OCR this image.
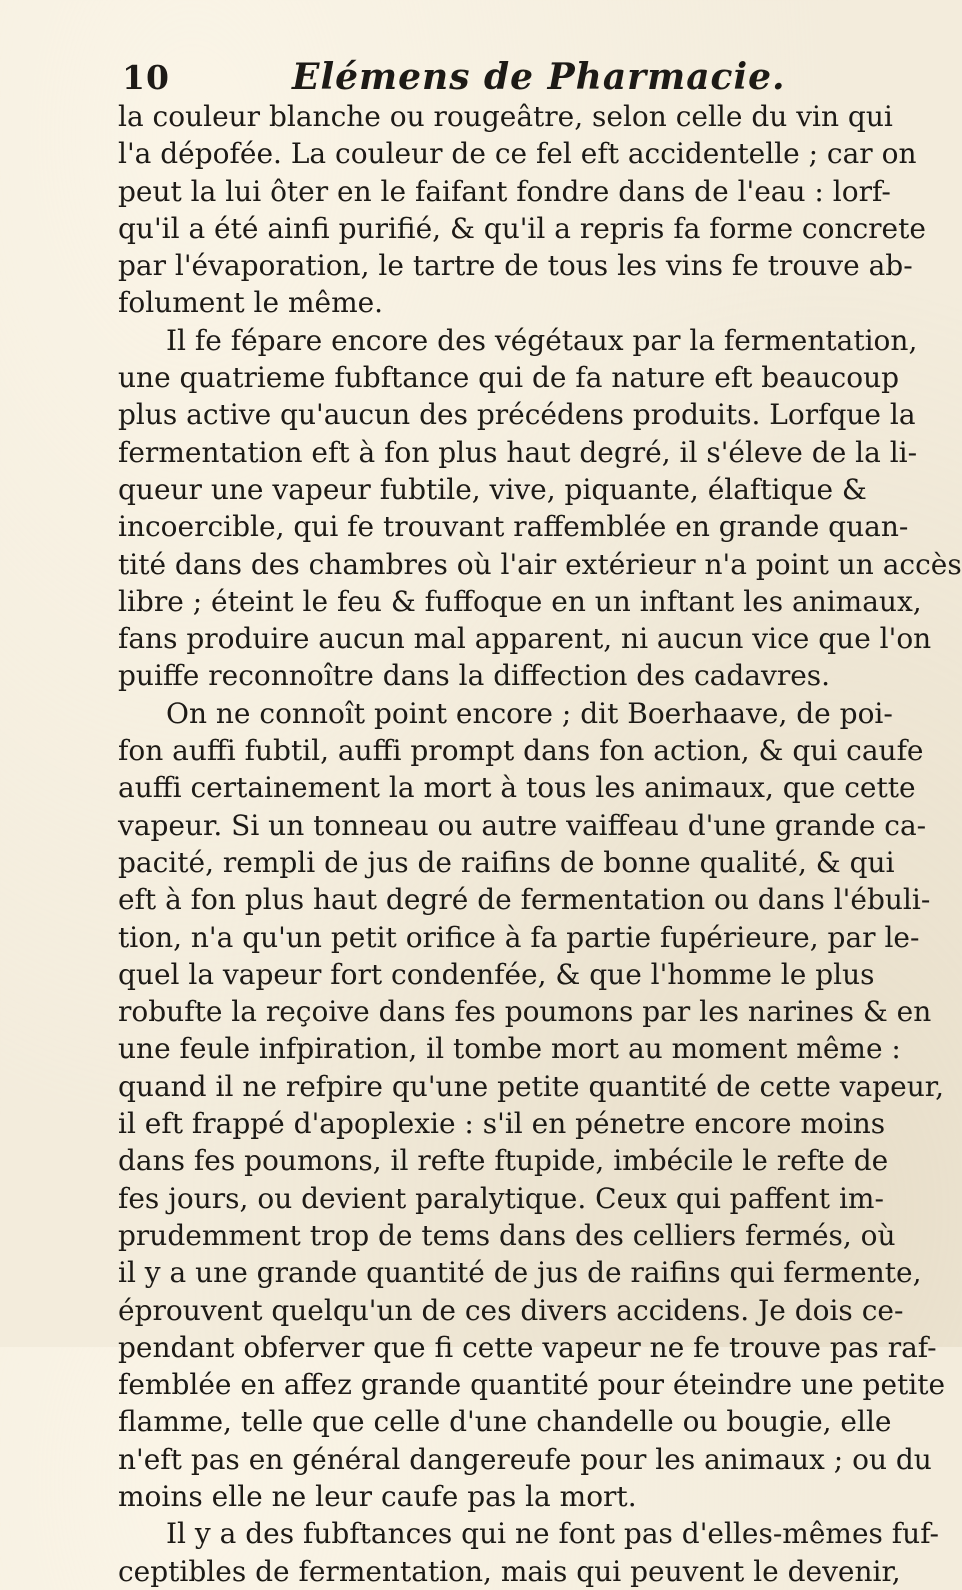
10	Elémens de Pharmacie.
la couleur blanche ou rougeâtre, selon celle du vin qui
l'a dépofée. La couleur de ce fel eft accidentelle ; car on
peut la lui ôter en le faifant fondre dans de l'eau : lorf-
qu'il a été ainfi purifié, & qu'il a repris fa forme concrete
par l'évaporation, le tartre de tous les vins fe trouve ab-
folument le même.
Il fe fépare encore des végétaux par la fermentation,
une quatrieme fubftance qui de fa nature eft beaucoup
plus active qu'aucun des précédens produits. Lorfque la
fermentation eft à fon plus haut degré, il s'éleve de la li-
queur une vapeur fubtile, vive, piquante, élaftique &
incoercible, qui fe trouvant raffemblée en grande quan-
tité dans des chambres où l'air extérieur n'a point un accès
libre ; éteint le feu & fuffoque en un inftant les animaux,
fans produire aucun mal apparent, ni aucun vice que l'on
puiffe reconnoître dans la diffection des cadavres.
On ne connoît point encore ; dit Boerhaave, de poi-
fon auffi fubtil, auffi prompt dans fon action, & qui caufe
auffi certainement la mort à tous les animaux, que cette
vapeur. Si un tonneau ou autre vaiffeau d'une grande ca-
pacité, rempli de jus de raifins de bonne qualité, & qui
eft à fon plus haut degré de fermentation ou dans l'ébuli-
tion, n'a qu'un petit orifice à fa partie fupérieure, par le-
quel la vapeur fort condenfée, & que l'homme le plus
robufte la reçoive dans fes poumons par les narines & en
une feule infpiration, il tombe mort au moment même :
quand il ne refpire qu'une petite quantité de cette vapeur,
il eft frappé d'apoplexie : s'il en pénetre encore moins
dans fes poumons, il refte ftupide, imbécile le refte de
fes jours, ou devient paralytique. Ceux qui paffent im-
prudemment trop de tems dans des celliers fermés, où
il y a une grande quantité de jus de raifins qui fermente,
éprouvent quelqu'un de ces divers accidens. Je dois ce-
pendant obferver que fi cette vapeur ne fe trouve pas raf-
femblée en affez grande quantité pour éteindre une petite
flamme, telle que celle d'une chandelle ou bougie, elle
n'eft pas en général dangereufe pour les animaux ; ou du
moins elle ne leur caufe pas la mort.
Il y a des fubftances qui ne font pas d'elles-mêmes fuf-
ceptibles de fermentation, mais qui peuvent le devenir,
